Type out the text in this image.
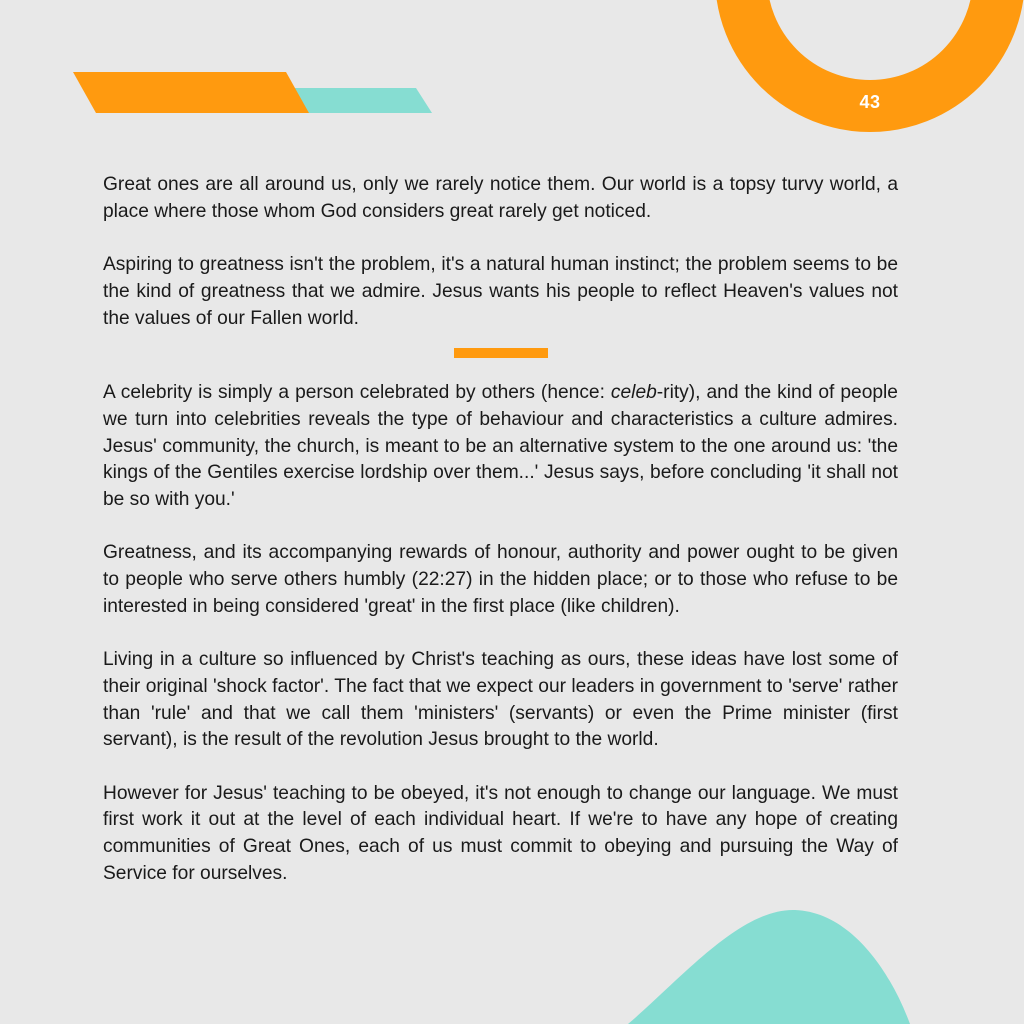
43

Great ones are all around us, only we rarely notice them. Our world is a topsy turvy world, a place where those whom God considers great rarely get noticed.

Aspiring to greatness isn't the problem, it's a natural human instinct; the problem seems to be the kind of greatness that we admire. Jesus wants his people to reflect Heaven's values not the values of our Fallen world.

A celebrity is simply a person celebrated by others (hence: celeb-rity), and the kind of people we turn into celebrities reveals the type of behaviour and characteristics a culture admires. Jesus' community, the church, is meant to be an alternative system to the one around us: 'the kings of the Gentiles exercise lordship over them...' Jesus says, before concluding 'it shall not be so with you.'

Greatness, and its accompanying rewards of honour, authority and power ought to be given to people who serve others humbly (22:27) in the hidden place; or to those who refuse to be interested in being considered 'great' in the first place (like children).

Living in a culture so influenced by Christ's teaching as ours, these ideas have lost some of their original 'shock factor'. The fact that we expect our leaders in government to 'serve' rather than 'rule' and that we call them 'ministers' (servants) or even the Prime minister (first servant), is the result of the revolution Jesus brought to the world.

However for Jesus' teaching to be obeyed, it's not enough to change our language. We must first work it out at the level of each individual heart. If we're to have any hope of creating communities of Great Ones, each of us must commit to obeying and pursuing the Way of Service for ourselves.
